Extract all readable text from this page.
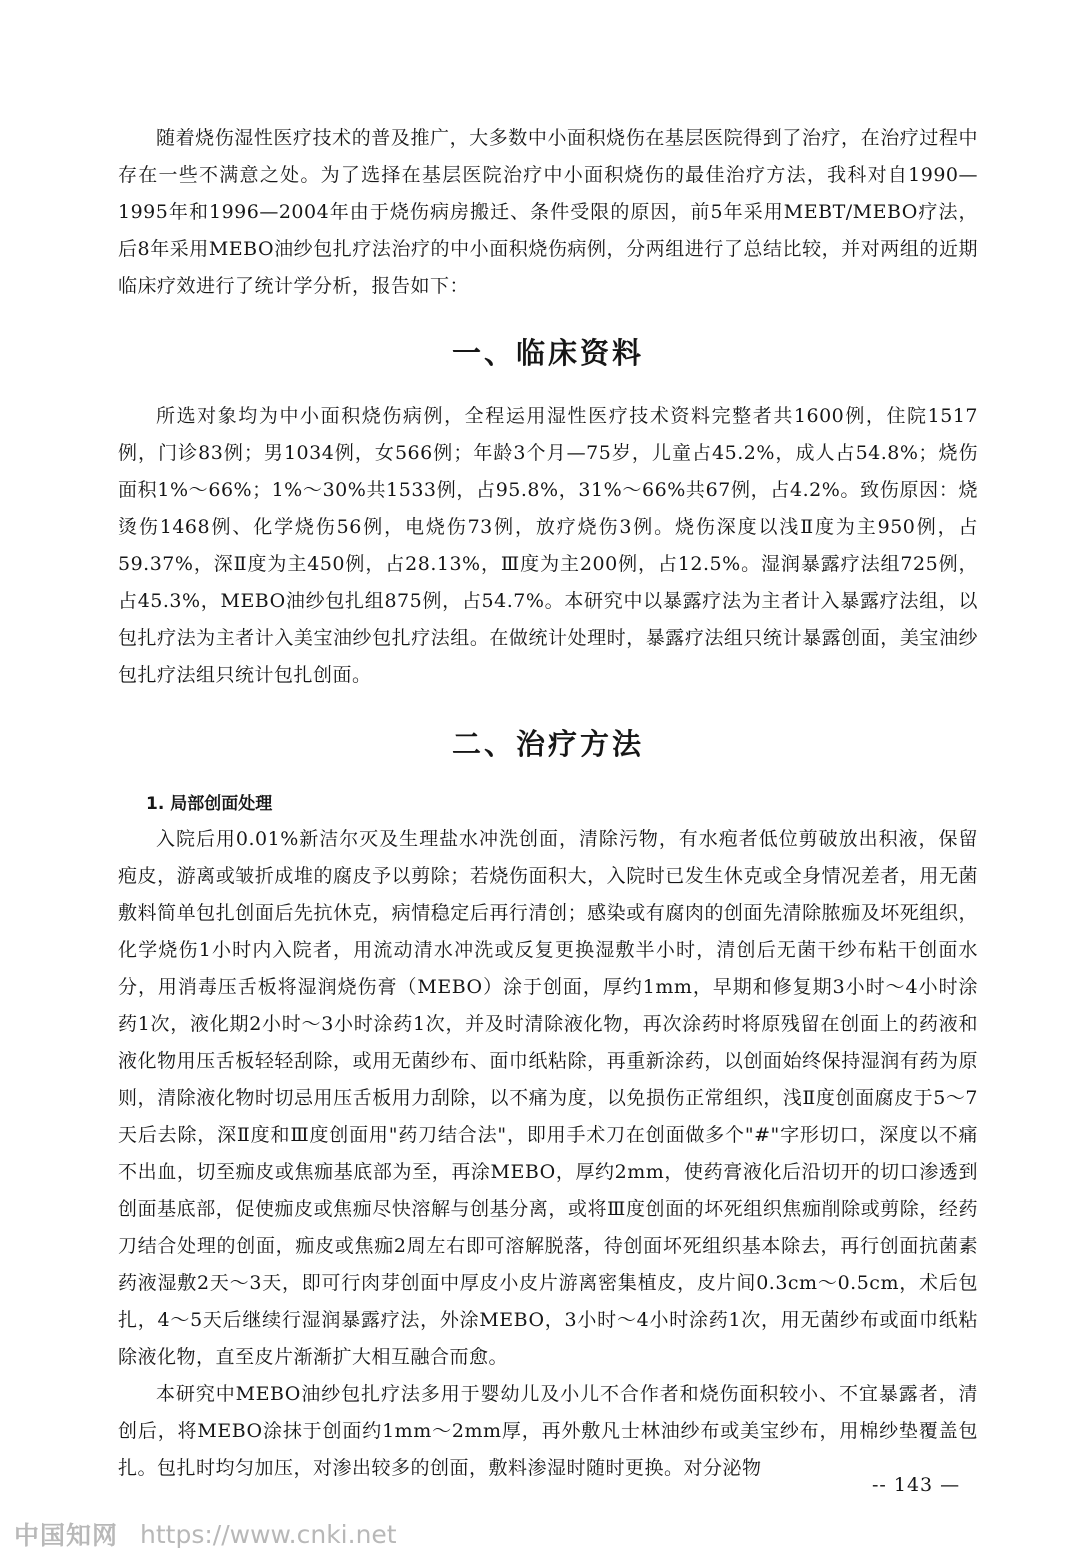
随着烧伤湿性医疗技术的普及推广，大多数中小面积烧伤在基层医院得到了治疗，在治疗过程中存在一些不满意之处。为了选择在基层医院治疗中小面积烧伤的最佳治疗方法，我科对自1990—1995年和1996—2004年由于烧伤病房搬迁、条件受限的原因，前5年采用MEBT/MEBO疗法，后8年采用MEBO油纱包扎疗法治疗的中小面积烧伤病例，分两组进行了总结比较，并对两组的近期临床疗效进行了统计学分析，报告如下：

一、临床资料

所选对象均为中小面积烧伤病例，全程运用湿性医疗技术资料完整者共1600例，住院1517例，门诊83例；男1034例，女566例；年龄3个月—75岁，儿童占45.2%，成人占54.8%；烧伤面积1%～66%；1%～30%共1533例，占95.8%，31%～66%共67例，占4.2%。致伤原因：烧烫伤1468例、化学烧伤56例，电烧伤73例，放疗烧伤3例。烧伤深度以浅Ⅱ度为主950例，占59.37%，深Ⅱ度为主450例，占28.13%，Ⅲ度为主200例，占12.5%。湿润暴露疗法组725例，占45.3%，MEBO油纱包扎组875例，占54.7%。本研究中以暴露疗法为主者计入暴露疗法组，以包扎疗法为主者计入美宝油纱包扎疗法组。在做统计处理时，暴露疗法组只统计暴露创面，美宝油纱包扎疗法组只统计包扎创面。

二、治疗方法
1. 局部创面处理

入院后用0.01%新洁尔灭及生理盐水冲洗创面，清除污物，有水疱者低位剪破放出积液，保留疱皮，游离或皱折成堆的腐皮予以剪除；若烧伤面积大，入院时已发生休克或全身情况差者，用无菌敷料简单包扎创面后先抗休克，病情稳定后再行清创；感染或有腐肉的创面先清除脓痂及坏死组织，化学烧伤1小时内入院者，用流动清水冲洗或反复更换湿敷半小时，清创后无菌干纱布粘干创面水分，用消毒压舌板将湿润烧伤膏（MEBO）涂于创面，厚约1mm，早期和修复期3小时～4小时涂药1次，液化期2小时～3小时涂药1次，并及时清除液化物，再次涂药时将原残留在创面上的药液和液化物用压舌板轻轻刮除，或用无菌纱布、面巾纸粘除，再重新涂药，以创面始终保持湿润有药为原则，清除液化物时切忌用压舌板用力刮除，以不痛为度，以免损伤正常组织，浅Ⅱ度创面腐皮于5～7天后去除，深Ⅱ度和Ⅲ度创面用"药刀结合法"，即用手术刀在创面做多个"#"字形切口，深度以不痛不出血，切至痂皮或焦痂基底部为至，再涂MEBO，厚约2mm，使药膏液化后沿切开的切口渗透到创面基底部，促使痂皮或焦痂尽快溶解与创基分离，或将Ⅲ度创面的坏死组织焦痂削除或剪除，经药刀结合处理的创面，痂皮或焦痂2周左右即可溶解脱落，待创面坏死组织基本除去，再行创面抗菌素药液湿敷2天～3天，即可行肉芽创面中厚皮小皮片游离密集植皮，皮片间0.3cm～0.5cm，术后包扎，4～5天后继续行湿润暴露疗法，外涂MEBO，3小时～4小时涂药1次，用无菌纱布或面巾纸粘除液化物，直至皮片渐渐扩大相互融合而愈。

本研究中MEBO油纱包扎疗法多用于婴幼儿及小儿不合作者和烧伤面积较小、不宜暴露者，清创后，将MEBO涂抹于创面约1mm～2mm厚，再外敷凡士林油纱布或美宝纱布，用棉纱垫覆盖包扎。包扎时均匀加压，对渗出较多的创面，敷料渗湿时随时更换。对分泌物

-- 143 —
中国知网 https://www.cnki.net
